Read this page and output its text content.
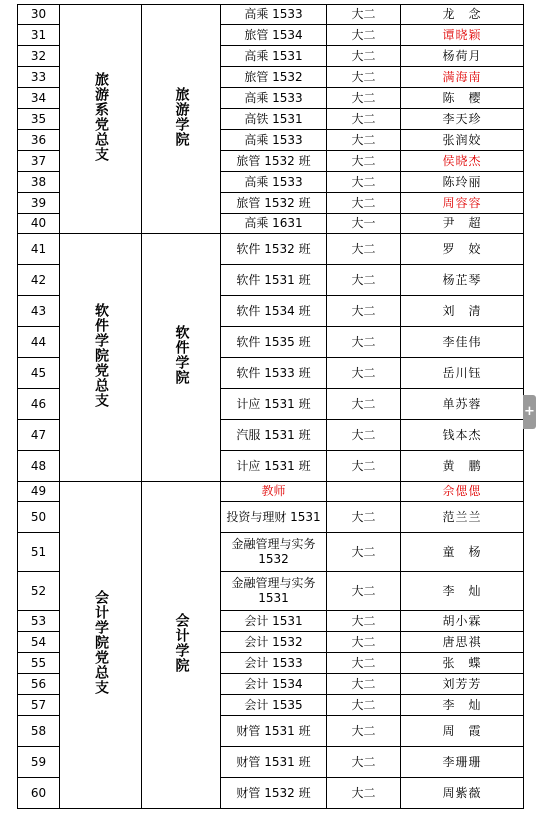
30	旅游系党总支	旅游学院	高乘 1533	大二	龙　念
31			旅管 1534	大二	谭晓颖
32			高乘 1531	大二	杨荷月
33			旅管 1532	大二	满海南
34			高乘 1533	大二	陈　樱
35			高铁 1531	大二	李天珍
36			高乘 1533	大二	张润姣
37			旅管 1532 班	大二	侯晓杰
38			高乘 1533	大二	陈玲丽
39			旅管 1532 班	大二	周容容
40			高乘 1631	大一	尹　超
41	软件学院党总支	软件学院	软件 1532 班	大二	罗　姣
42			软件 1531 班	大二	杨芷琴
43			软件 1534 班	大二	刘　清
44			软件 1535 班	大二	李佳伟
45			软件 1533 班	大二	岳川钰
46			计应 1531 班	大二	单苏蓉
47			汽服 1531 班	大二	钱本杰
48			计应 1531 班	大二	黄　鹏
49	会计学院党总支	会计学院	教师		佘偲偲
50			投资与理财 1531	大二	范兰兰
51			金融管理与实务 1532	大二	童　杨
52			金融管理与实务 1531	大二	李　灿
53			会计 1531	大二	胡小霖
54			会计 1532	大二	唐思祺
55			会计 1533	大二	张　蝶
56			会计 1534	大二	刘芳芳
57			会计 1535	大二	李　灿
58			财管 1531 班	大二	周　霞
59			财管 1531 班	大二	李珊珊
60			财管 1532 班	大二	周紫薇
+
